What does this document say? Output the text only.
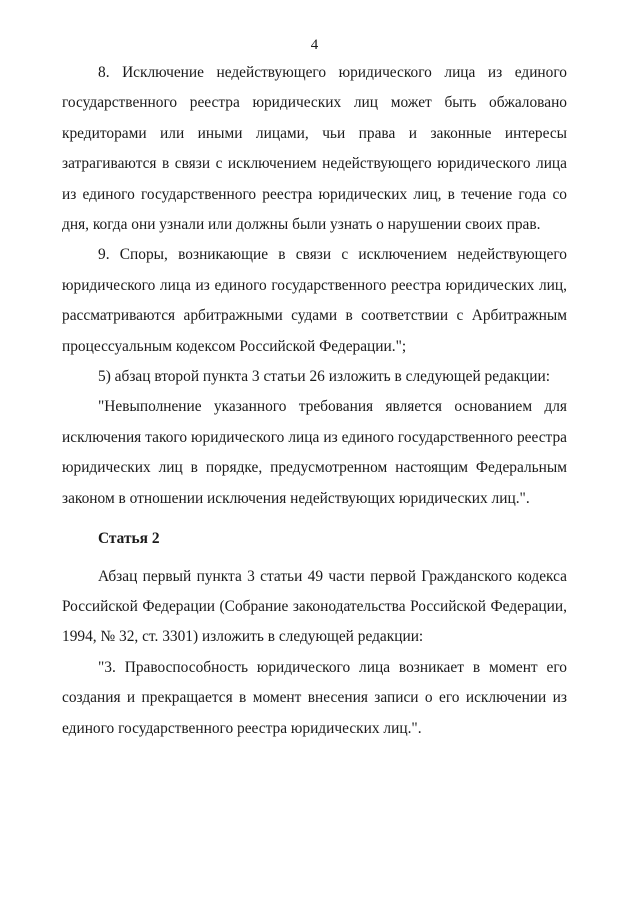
4

8. Исключение недействующего юридического лица из единого государственного реестра юридических лиц может быть обжаловано кредиторами или иными лицами, чьи права и законные интересы затрагиваются в связи с исключением недействующего юридического лица из единого государственного реестра юридических лиц, в течение года со дня, когда они узнали или должны были узнать о нарушении своих прав.

9. Споры, возникающие в связи с исключением недействующего юридического лица из единого государственного реестра юридических лиц, рассматриваются арбитражными судами в соответствии с Арбитражным процессуальным кодексом Российской Федерации.";

5) абзац второй пункта 3 статьи 26 изложить в следующей редакции:

"Невыполнение указанного требования является основанием для исключения такого юридического лица из единого государственного реестра юридических лиц в порядке, предусмотренном настоящим Федеральным законом в отношении исключения недействующих юридических лиц.".

Статья 2

Абзац первый пункта 3 статьи 49 части первой Гражданского кодекса Российской Федерации (Собрание законодательства Российской Федерации, 1994, № 32, ст. 3301) изложить в следующей редакции:

"3. Правоспособность юридического лица возникает в момент его создания и прекращается в момент внесения записи о его исключении из единого государственного реестра юридических лиц.".
